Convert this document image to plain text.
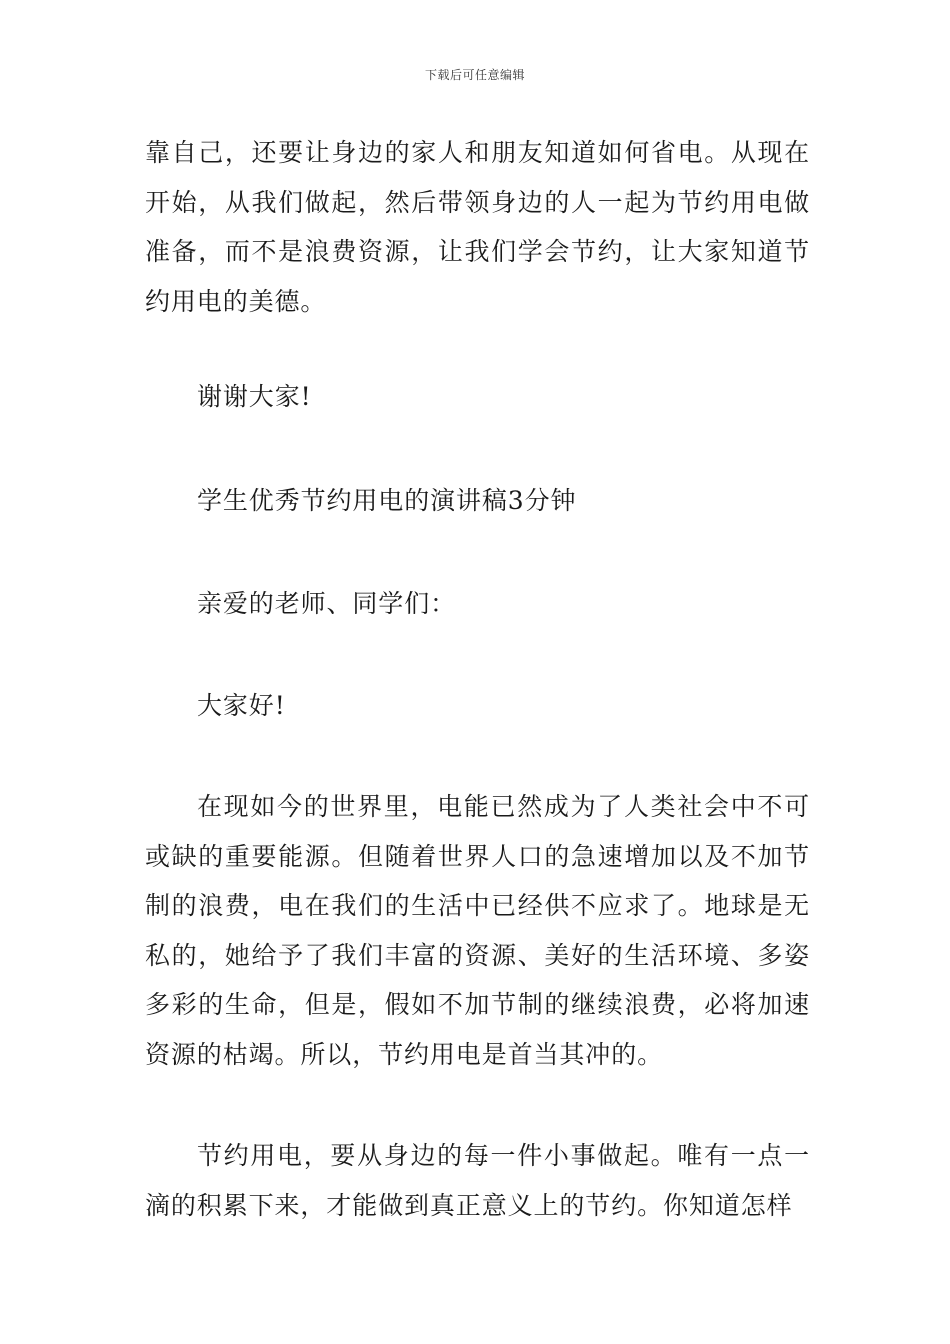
下载后可任意编辑

靠自己，还要让身边的家人和朋友知道如何省电。从现在开始，从我们做起，然后带领身边的人一起为节约用电做准备，而不是浪费资源，让我们学会节约，让大家知道节约用电的美德。

谢谢大家!

学生优秀节约用电的演讲稿3分钟

亲爱的老师、同学们：

大家好!

在现如今的世界里，电能已然成为了人类社会中不可或缺的重要能源。但随着世界人口的急速增加以及不加节制的浪费，电在我们的生活中已经供不应求了。地球是无私的，她给予了我们丰富的资源、美好的生活环境、多姿多彩的生命，但是，假如不加节制的继续浪费，必将加速资源的枯竭。所以，节约用电是首当其冲的。

节约用电，要从身边的每一件小事做起。唯有一点一滴的积累下来，才能做到真正意义上的节约。你知道怎样
